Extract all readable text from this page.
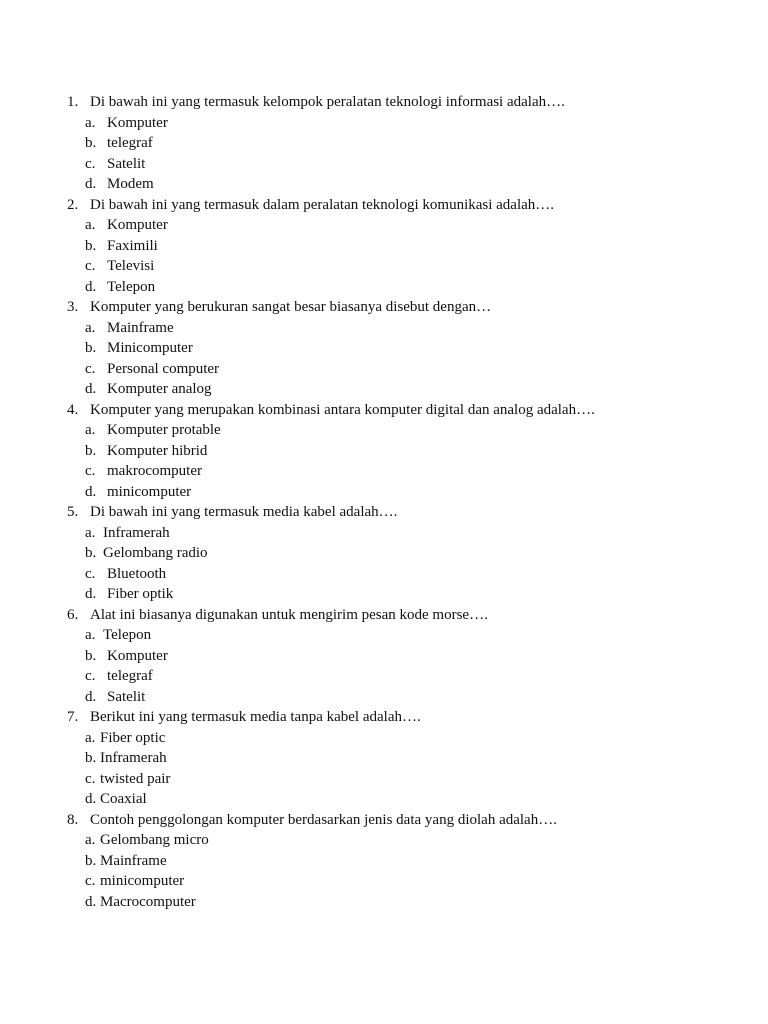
1. Di bawah ini yang termasuk kelompok peralatan teknologi informasi adalah….
a. Komputer
b. telegraf
c. Satelit
d. Modem
2. Di bawah ini yang termasuk dalam peralatan teknologi komunikasi adalah….
a. Komputer
b. Faximili
c. Televisi
d. Telepon
3. Komputer yang berukuran sangat besar biasanya disebut dengan…
a. Mainframe
b. Minicomputer
c. Personal computer
d. Komputer analog
4. Komputer yang merupakan kombinasi antara komputer digital dan analog adalah….
a. Komputer protable
b. Komputer hibrid
c. makrocomputer
d. minicomputer
5. Di bawah ini yang termasuk media kabel adalah….
a. Inframerah
b. Gelombang radio
c. Bluetooth
d. Fiber optik
6. Alat ini biasanya digunakan untuk mengirim pesan kode morse….
a. Telepon
b. Komputer
c. telegraf
d. Satelit
7. Berikut ini yang termasuk media tanpa kabel adalah….
a. Fiber optic
b. Inframerah
c. twisted pair
d. Coaxial
8. Contoh penggolongan komputer berdasarkan jenis data yang diolah adalah….
a. Gelombang micro
b. Mainframe
c. minicomputer
d. Macrocomputer
